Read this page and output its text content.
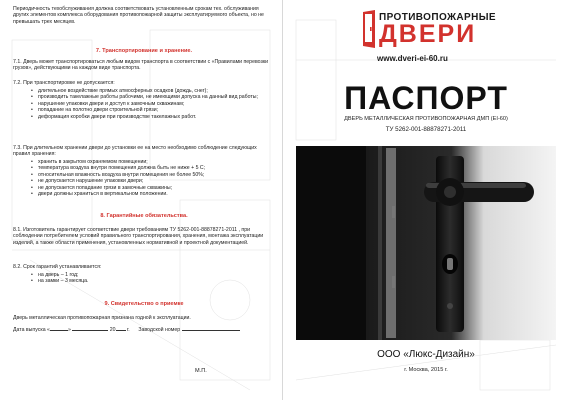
Периодичность техобслуживания должна соответствовать установленным срокам тех. обслуживания других элементов комплекса оборудования противопожарной защиты эксплуатируемого объекта, но не превышать трех месяцев.
7. Транспортирование и хранение.
7.1. Дверь может транспортироваться любым видом транспорта в соответствии с «Правилами перевозки грузов», действующими на каждом виде транспорта.
7.2. При транспортировке не допускается:
• длительное воздействие прямых атмосферных осадков (дождь, снег);
• производить такелажные работы рабочими, не имеющими допуска на данный вид работы;
• нарушение упаковки двери и доступ к замочным скважинам;
• попадание на полотно двери строительной грязи;
• деформация коробки двери при производстве такелажных работ.
7.3. При длительном хранении двери до установки ее на место необходимо соблюдение следующих правил хранения:
• хранить в закрытом охраняемом помещении;
• температура воздуха внутри помещения должна быть не ниже + 5 С;
• относительная влажность воздуха внутри помещения не более 50%;
• не допускается нарушение упаковки двери;
• не допускается попадание грязи в замочные скважины;
• двери должны храниться в вертикальном положении.
8. Гарантийные обязательства.
8.1. Изготовитель гарантирует соответствие двери требованиям ТУ 5262-001-88878271-2011 , при соблюдении потребителем условий правильного транспортирования, хранения, монтажа эксплуатации изделий, а также области применения, установленных нормативной и проектной документацией.
8.2. Срок гарантий устанавливается:
• на дверь – 1 год;
• на замки – 3 месяца.
9. Свидетельство о приемке
Дверь металлическая противопожарная признана годной к эксплуатации.
Дата выпуска «	»	20 г. Заводской номер
М.П.
ПРОТИВОПОЖАРНЫЕ
ДВЕРИ
www.dveri-ei-60.ru
ПАСПОРТ
ДВЕРЬ МЕТАЛЛИЧЕСКАЯ ПРОТИВОПОЖАРНАЯ ДМП (EI-60)
ТУ 5262-001-88878271-2011
ООО «Люкс-Дизайн»
г. Москва, 2015 г.
